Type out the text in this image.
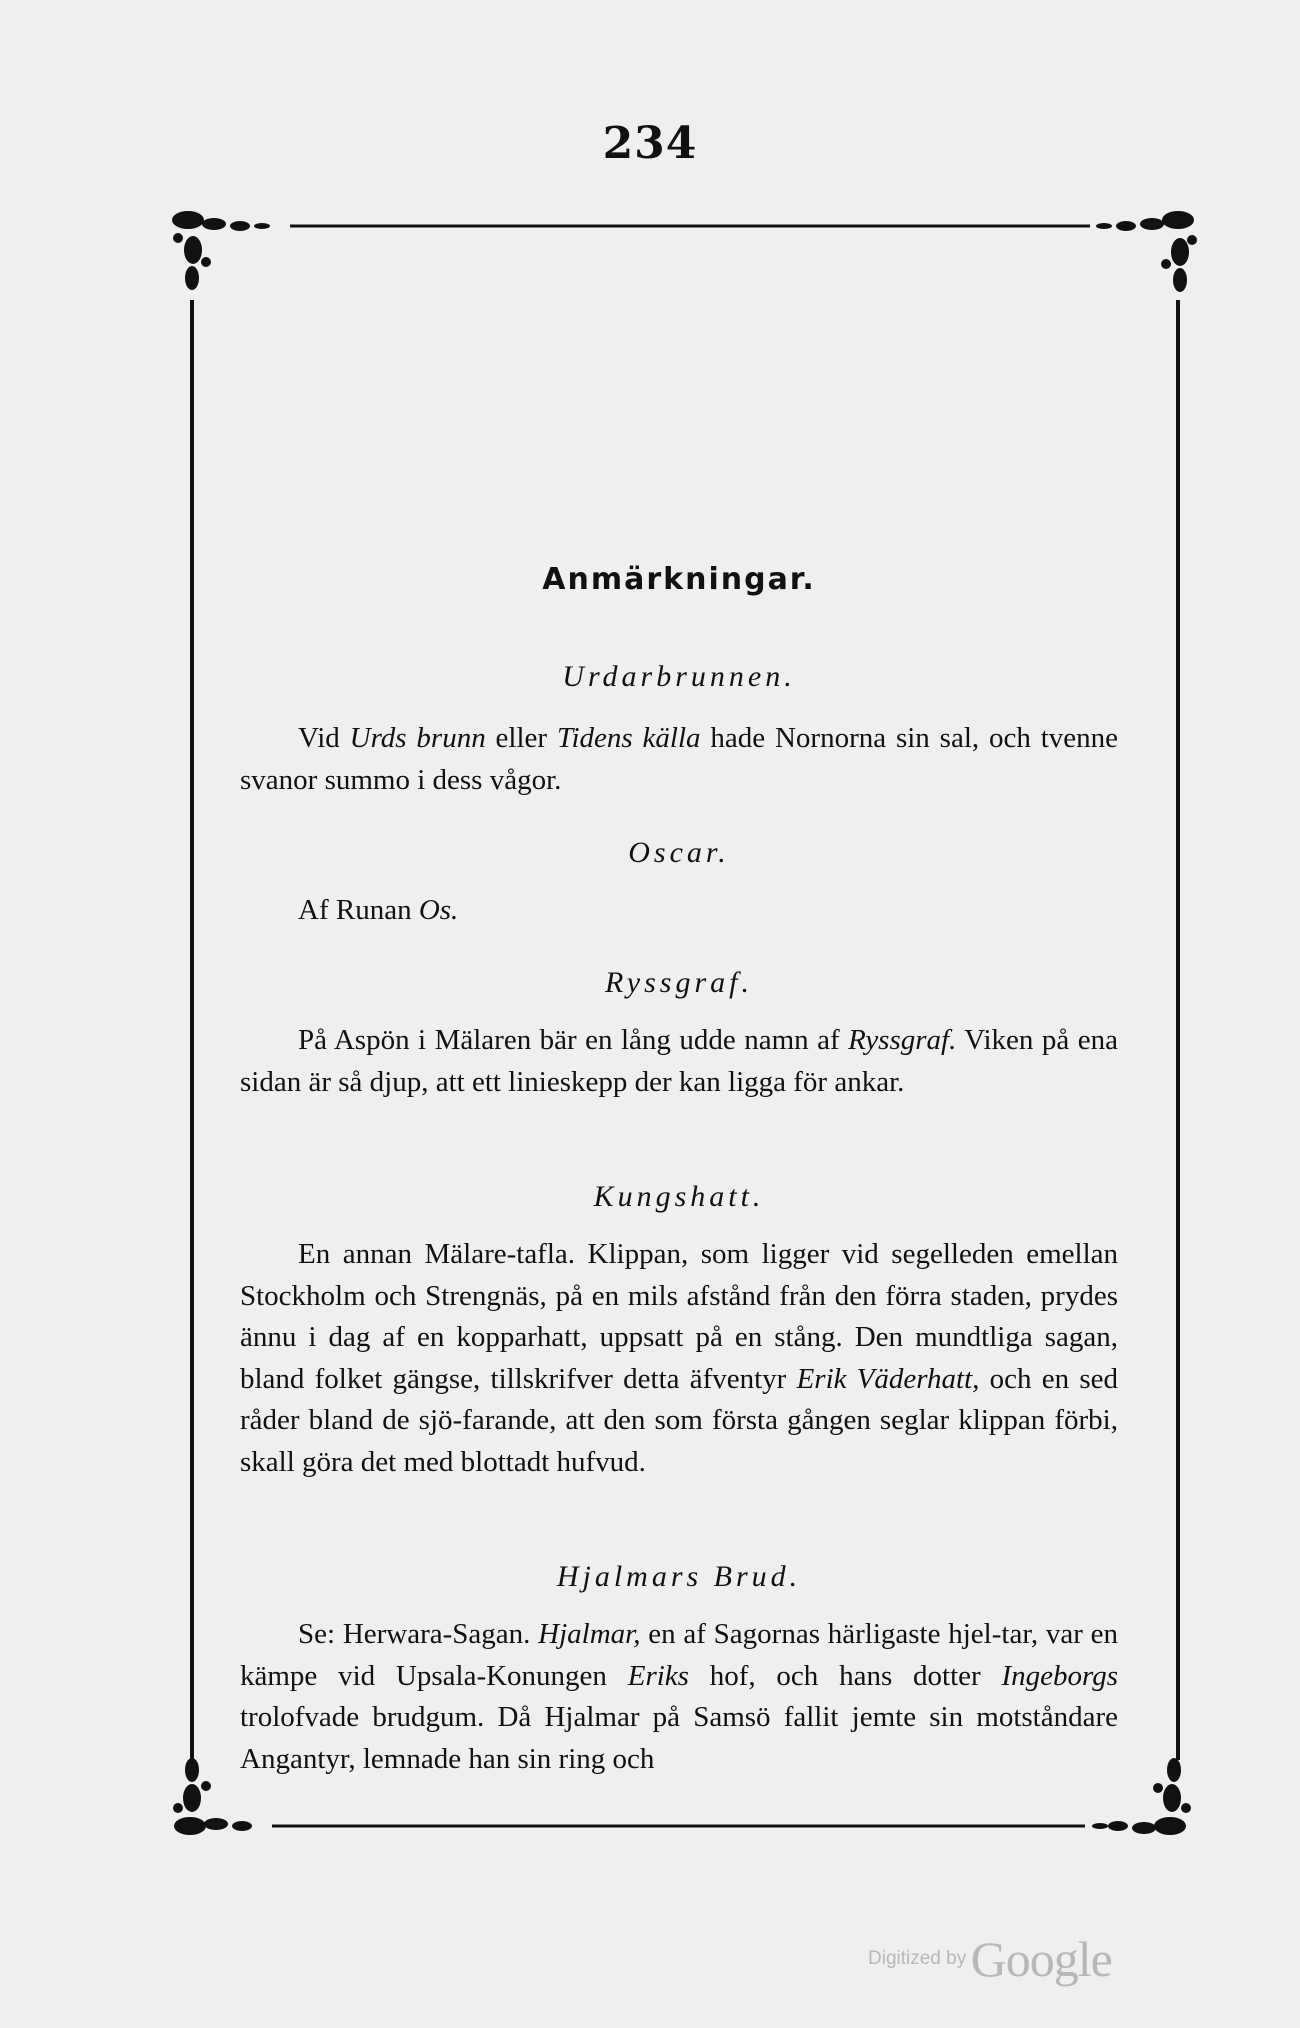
234
Anmärkningar.
Urdarbrunnen.
Vid Urds brunn eller Tidens källa hade Nornorna sin sal, och tvenne svanor summo i dess vågor.
Oscar.
Af Runan Os.
Ryssgraf.
På Aspön i Mälaren bär en lång udde namn af Ryssgraf. Viken på ena sidan är så djup, att ett linieskepp der kan ligga för ankar.
Kungshatt.
En annan Mälare-tafla. Klippan, som ligger vid segelleden emellan Stockholm och Strengnäs, på en mils afstånd från den förra staden, prydes ännu i dag af en kopparhatt, uppsatt på en stång. Den mundtliga sagan, bland folket gängse, tillskrifver detta äfventyr Erik Väderhatt, och en sed råder bland de sjö-farande, att den som första gången seglar klippan förbi, skall göra det med blottadt hufvud.
Hjalmars Brud.
Se: Herwara-Sagan. Hjalmar, en af Sagornas härligaste hjel-tar, var en kämpe vid Upsala-Konungen Eriks hof, och hans dotter Ingeborgs trolofvade brudgum. Då Hjalmar på Samsö fallit jemte sin motståndare Angantyr, lemnade han sin ring och
Digitized by Google
